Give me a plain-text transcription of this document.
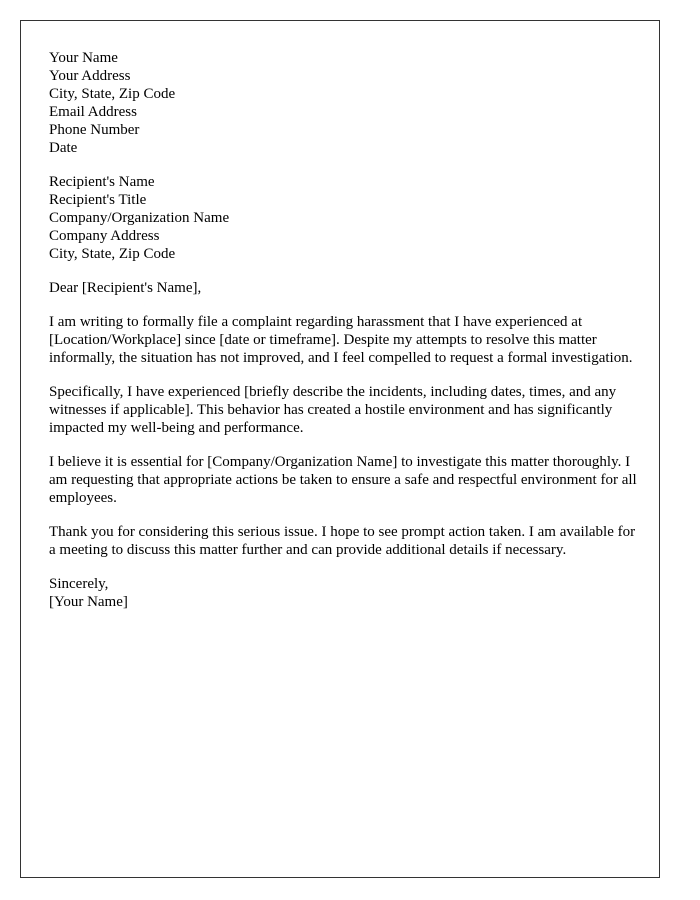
Your Name
Your Address
City, State, Zip Code
Email Address
Phone Number
Date
Recipient's Name
Recipient's Title
Company/Organization Name
Company Address
City, State, Zip Code

Dear [Recipient's Name],

I am writing to formally file a complaint regarding harassment that I have experienced at [Location/Workplace] since [date or timeframe]. Despite my attempts to resolve this matter informally, the situation has not improved, and I feel compelled to request a formal investigation.

Specifically, I have experienced [briefly describe the incidents, including dates, times, and any witnesses if applicable]. This behavior has created a hostile environment and has significantly impacted my well-being and performance.

I believe it is essential for [Company/Organization Name] to investigate this matter thoroughly. I am requesting that appropriate actions be taken to ensure a safe and respectful environment for all employees.

Thank you for considering this serious issue. I hope to see prompt action taken. I am available for a meeting to discuss this matter further and can provide additional details if necessary.

Sincerely,
[Your Name]
